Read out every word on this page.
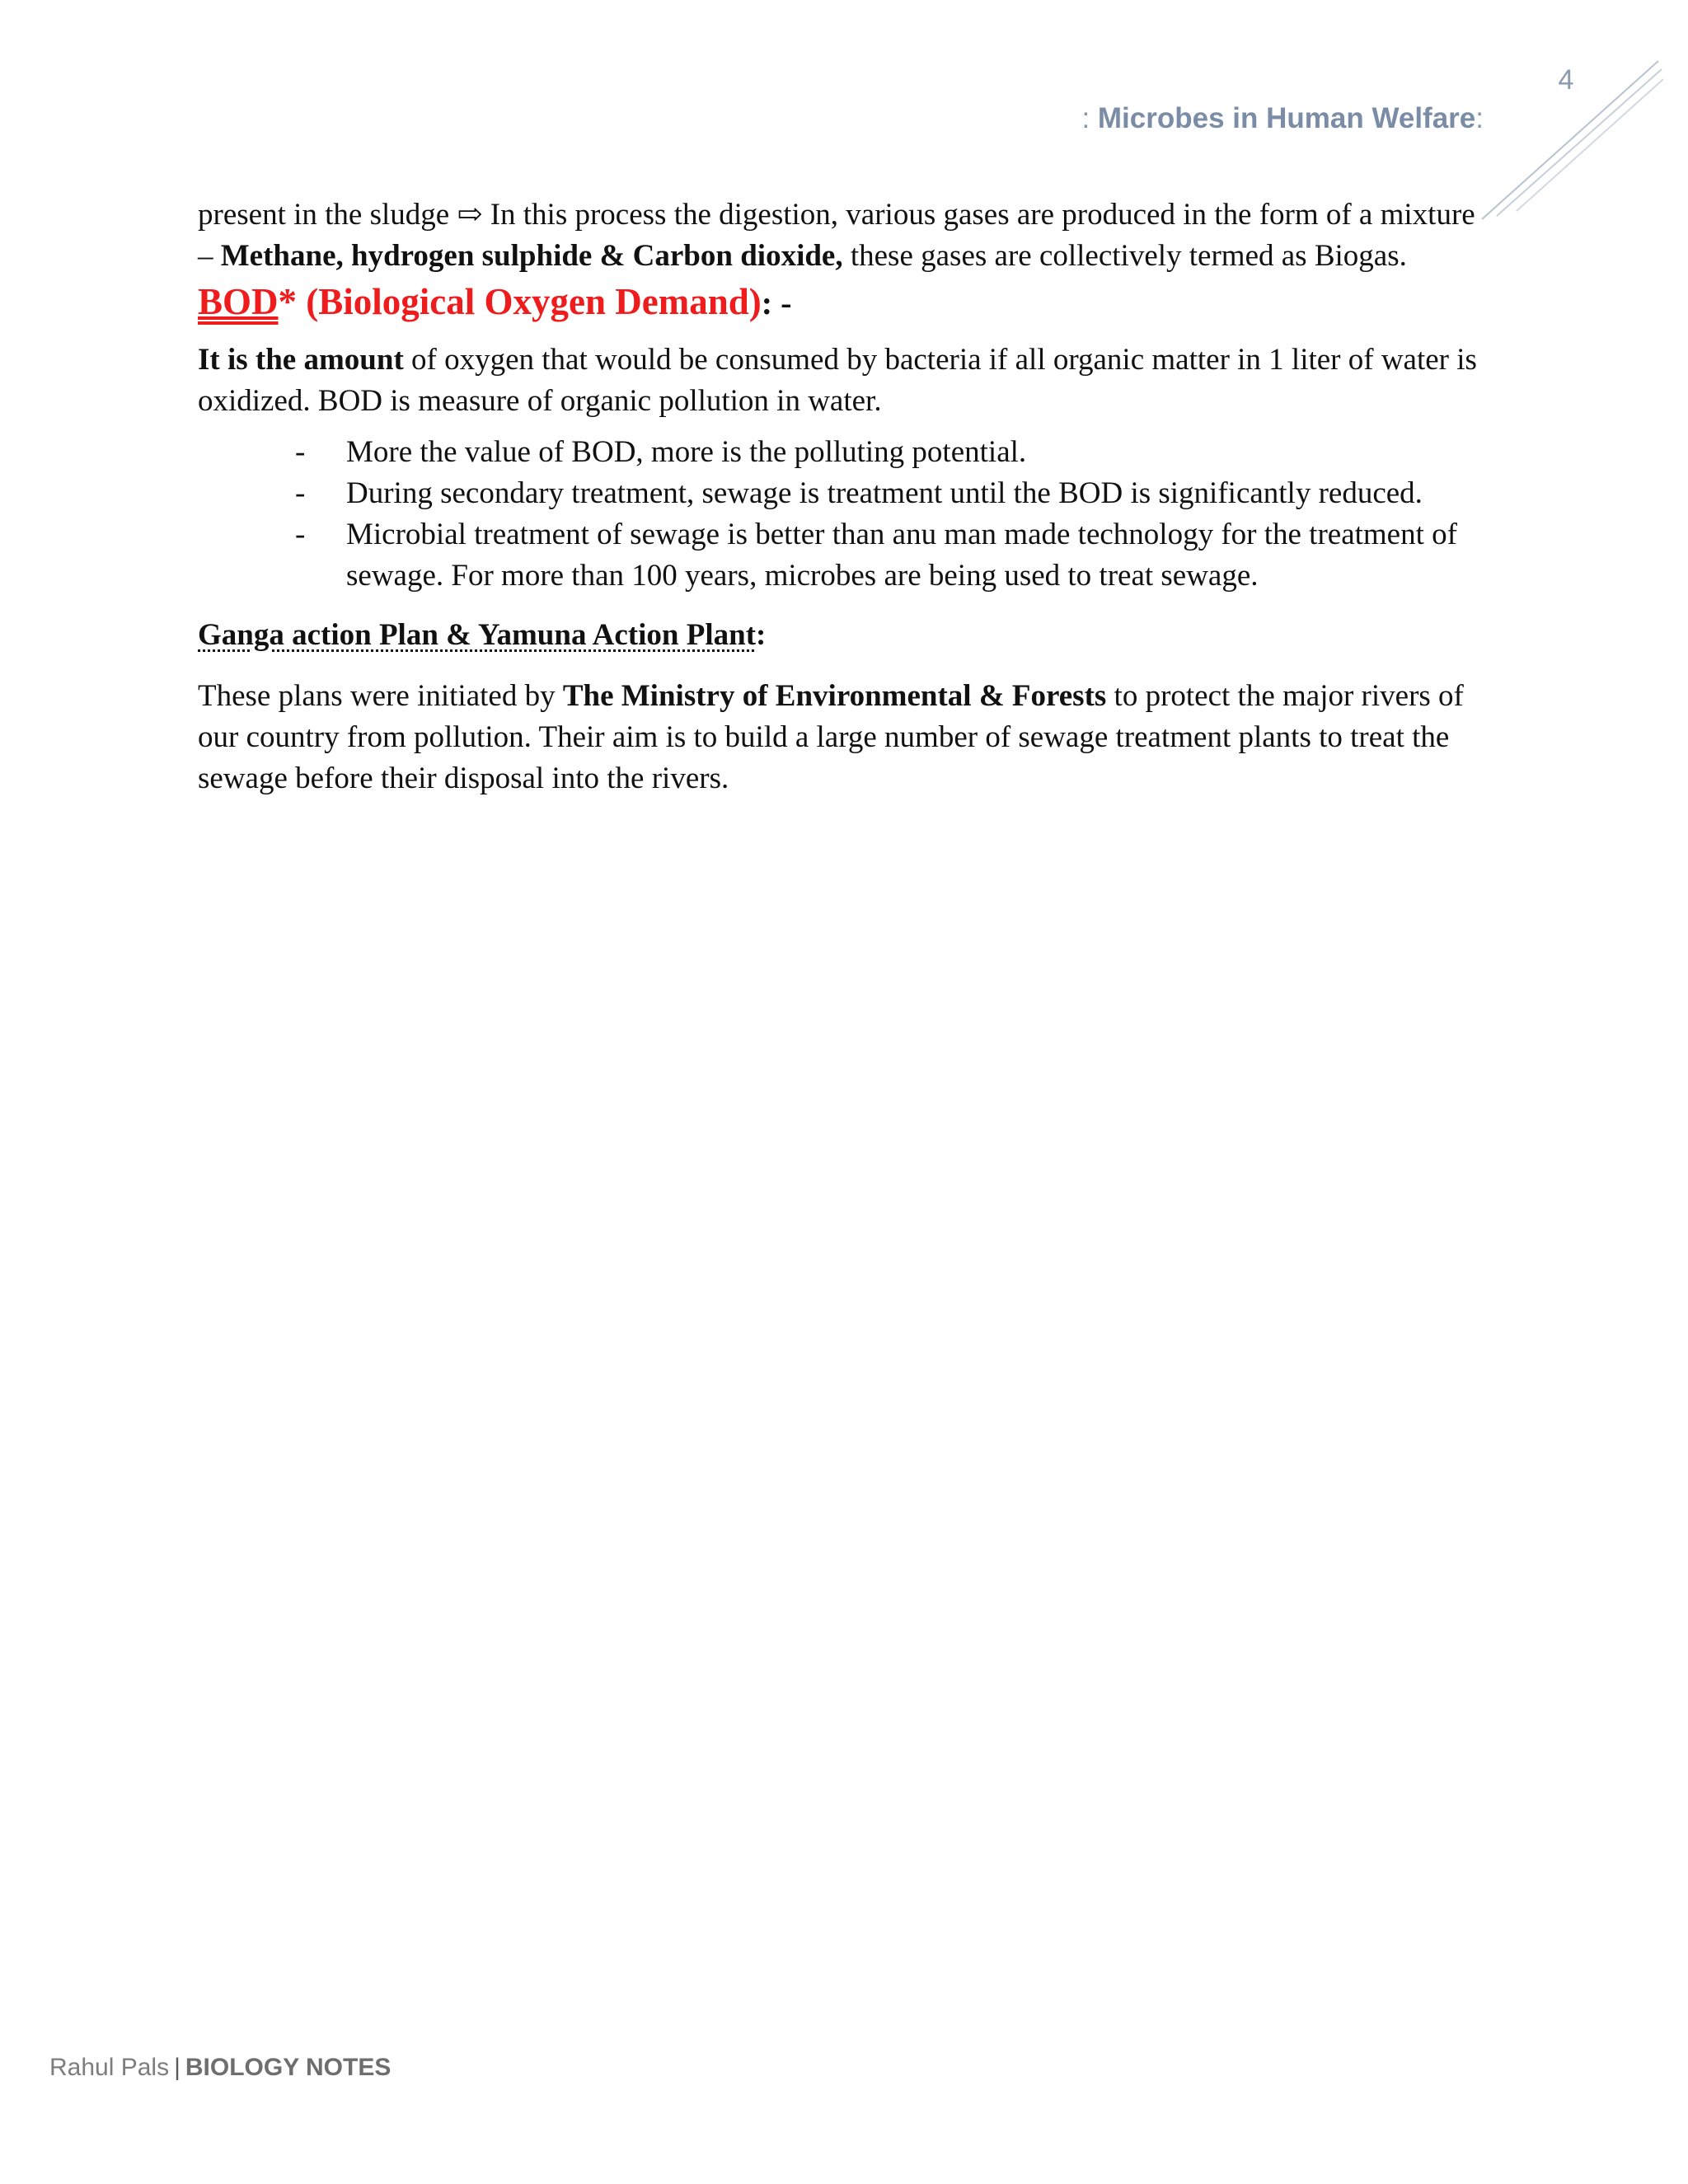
4
: Microbes in Human Welfare:

present in the sludge ⇨ In this process the digestion, various gases are produced in the form of a mixture – Methane, hydrogen sulphide & Carbon dioxide, these gases are collectively termed as Biogas.

BOD* (Biological Oxygen Demand): -

It is the amount of oxygen that would be consumed by bacteria if all organic matter in 1 liter of water is oxidized. BOD is measure of organic pollution in water.

- More the value of BOD, more is the polluting potential.
- During secondary treatment, sewage is treatment until the BOD is significantly reduced.
- Microbial treatment of sewage is better than anu man made technology for the treatment of sewage. For more than 100 years, microbes are being used to treat sewage.

Ganga action Plan & Yamuna Action Plant:

These plans were initiated by The Ministry of Environmental & Forests to protect the major rivers of our country from pollution. Their aim is to build a large number of sewage treatment plants to treat the sewage before their disposal into the rivers.

Rahul Pals | BIOLOGY NOTES
